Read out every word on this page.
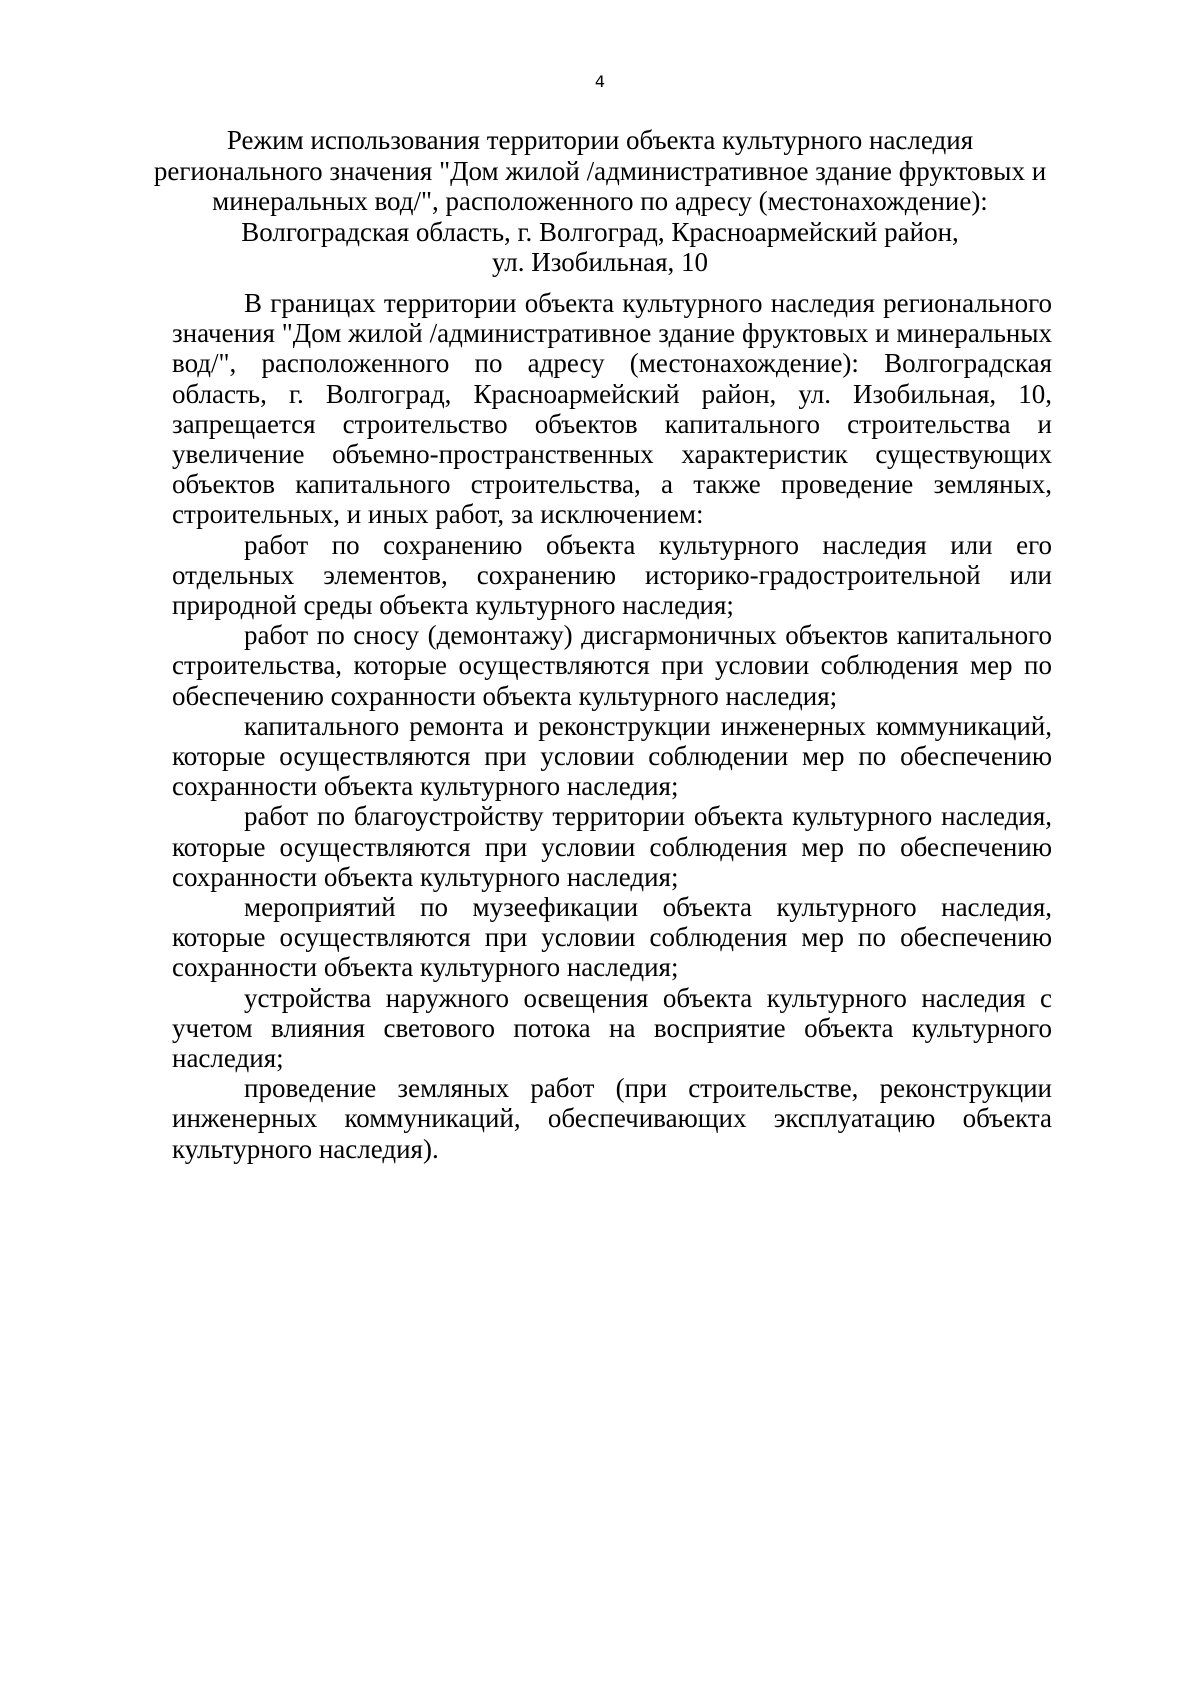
4
Режим использования территории объекта культурного наследия
регионального значения "Дом жилой /административное здание фруктовых и
минеральных вод/", расположенного по адресу (местонахождение):
Волгоградская область, г. Волгоград, Красноармейский район,
ул. Изобильная, 10

В границах территории объекта культурного наследия регионального значения "Дом жилой /административное здание фруктовых и минеральных вод/", расположенного по адресу (местонахождение): Волгоградская область, г. Волгоград, Красноармейский район, ул. Изобильная, 10, запрещается строительство объектов капитального строительства и увеличение объемно-пространственных характеристик существующих объектов капитального строительства, а также проведение земляных, строительных, и иных работ, за исключением:

работ по сохранению объекта культурного наследия или его отдельных элементов, сохранению историко-градостроительной или природной среды объекта культурного наследия;

работ по сносу (демонтажу) дисгармоничных объектов капитального строительства, которые осуществляются при условии соблюдения мер по обеспечению сохранности объекта культурного наследия;

капитального ремонта и реконструкции инженерных коммуникаций, которые осуществляются при условии соблюдении мер по обеспечению сохранности объекта культурного наследия;

работ по благоустройству территории объекта культурного наследия, которые осуществляются при условии соблюдения мер по обеспечению сохранности объекта культурного наследия;

мероприятий по музеефикации объекта культурного наследия, которые осуществляются при условии соблюдения мер по обеспечению сохранности объекта культурного наследия;

устройства наружного освещения объекта культурного наследия с учетом влияния светового потока на восприятие объекта культурного наследия;

проведение земляных работ (при строительстве, реконструкции инженерных коммуникаций, обеспечивающих эксплуатацию объекта культурного наследия).
